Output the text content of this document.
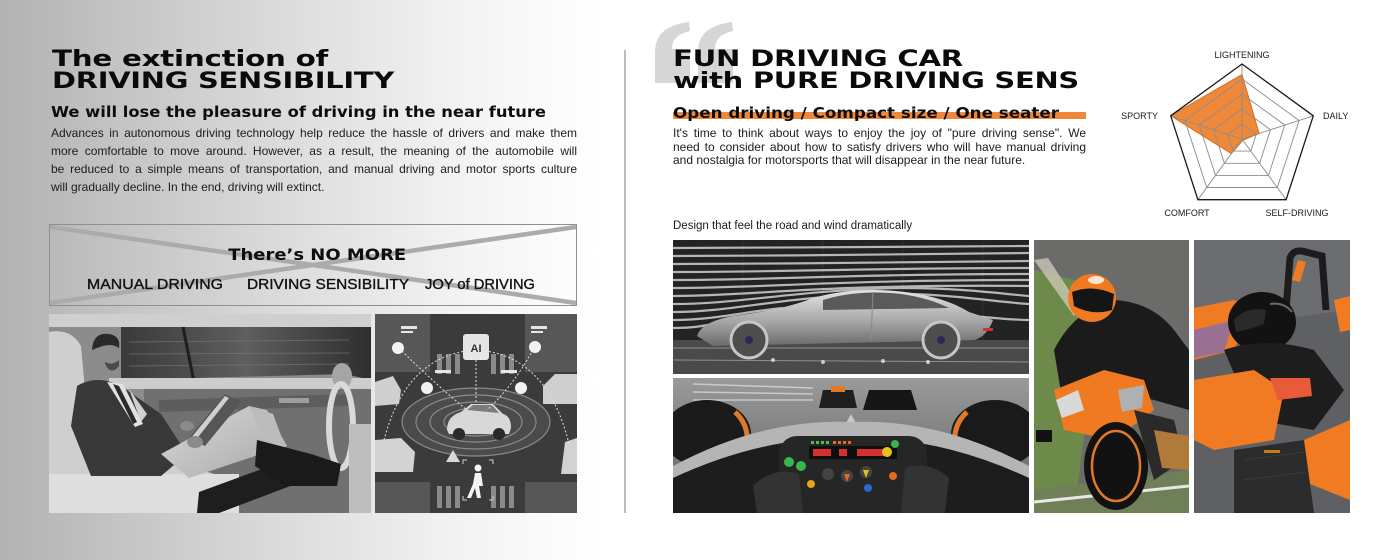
The extinction of
DRIVING SENSIBILITY
We will lose the pleasure of driving in the near future
Advances in autonomous driving technology help reduce the hassle of drivers and make them
more comfortable to move around. However, as a result, the meaning of the automobile will
be reduced to a simple means of transportation, and manual driving and motor sports culture
will gradually decline. In the end, driving will extinct.
There’s NO MORE
MANUAL DRIVING DRIVING SENSIBILITY JOY of DRIVING
AI
FUN DRIVING CAR
with PURE DRIVING SENS
Open driving / Compact size / One seater
It's time to think about ways to enjoy the joy of "pure driving sense". We
need to consider about how to satisfy drivers who will have manual driving
and nostalgia for motorsports that will disappear in the near future.
LIGHTENING
DAILY
SELF-DRIVING
COMFORT
SPORTY
Design that feel the road and wind dramatically
